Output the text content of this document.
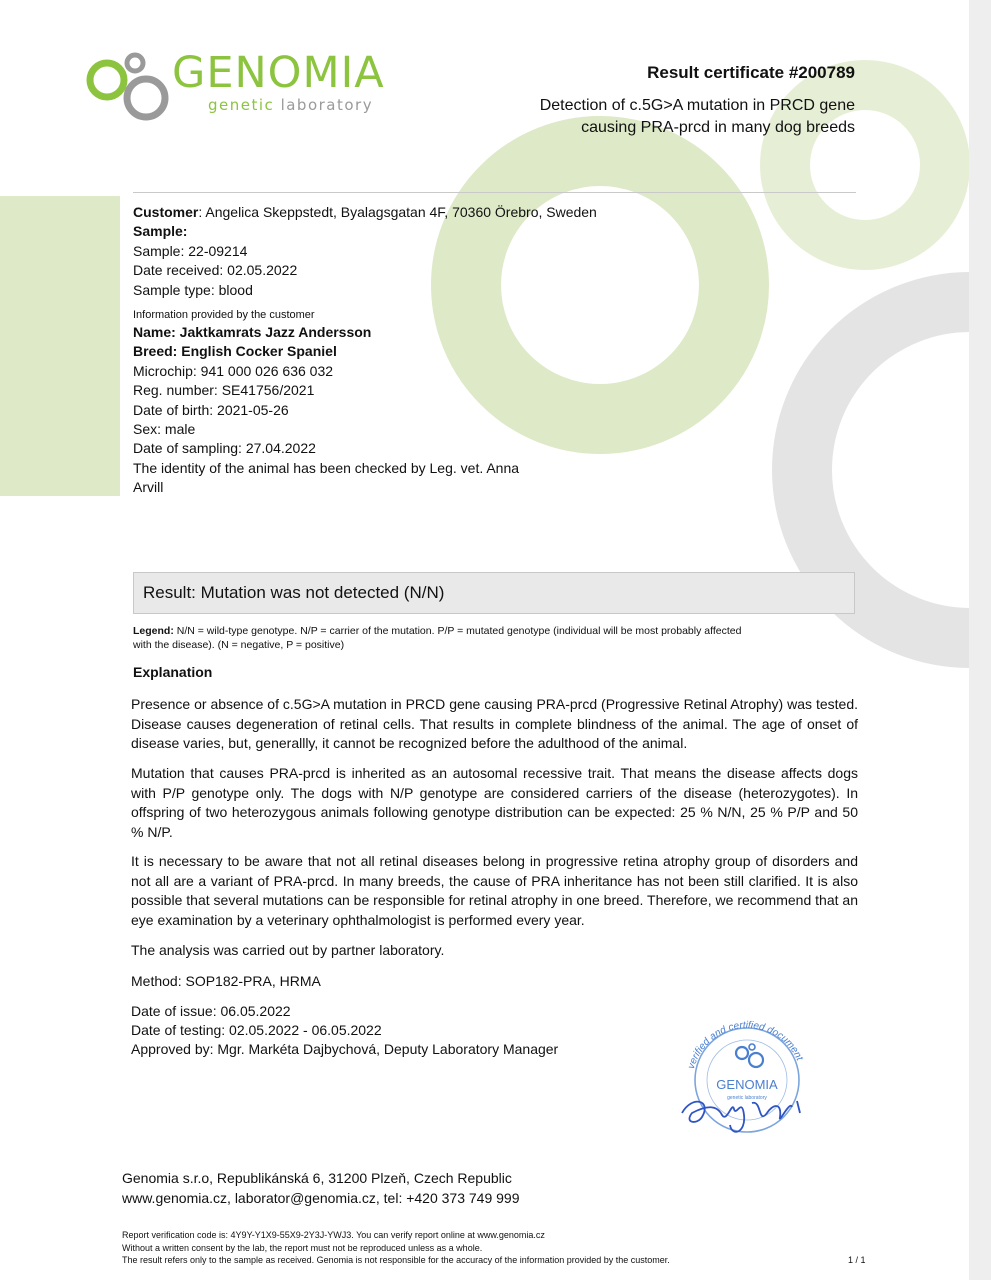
GENOMIA
genetic laboratory
Result certificate #200789
Detection of c.5G>A mutation in PRCD gene
causing PRA-prcd in many dog breeds
Customer: Angelica Skeppstedt, Byalagsgatan 4F, 70360 Örebro, Sweden
Sample:
Sample: 22-09214
Date received: 02.05.2022
Sample type: blood
Information provided by the customer
Name: Jaktkamrats Jazz Andersson
Breed: English Cocker Spaniel
Microchip: 941 000 026 636 032
Reg. number: SE41756/2021
Date of birth: 2021-05-26
Sex: male
Date of sampling: 27.04.2022
The identity of the animal has been checked by Leg. vet. Anna
Arvill
Result: Mutation was not detected (N/N)
Legend: N/N = wild-type genotype. N/P = carrier of the mutation. P/P = mutated genotype (individual will be most probably affected
with the disease). (N = negative, P = positive)
Explanation
Presence or absence of c.5G>A mutation in PRCD gene causing PRA-prcd (Progressive Retinal Atrophy) was tested. Disease causes degeneration of retinal cells. That results in complete blindness of the animal. The age of onset of disease varies, but, generallly, it cannot be recognized before the adulthood of the animal.
Mutation that causes PRA-prcd is inherited as an autosomal recessive trait. That means the disease affects dogs with P/P genotype only. The dogs with N/P genotype are considered carriers of the disease (heterozygotes). In offspring of two heterozygous animals following genotype distribution can be expected: 25 % N/N, 25 % P/P and 50 % N/P.
It is necessary to be aware that not all retinal diseases belong in progressive retina atrophy group of disorders and not all are a variant of PRA-prcd. In many breeds, the cause of PRA inheritance has not been still clarified. It is also possible that several mutations can be responsible for retinal atrophy in one breed. Therefore, we recommend that an eye examination by a veterinary ophthalmologist is performed every year.
The analysis was carried out by partner laboratory.
Method: SOP182-PRA, HRMA
Date of issue: 06.05.2022
Date of testing: 02.05.2022 - 06.05.2022
Approved by: Mgr. Markéta Dajbychová, Deputy Laboratory Manager
verified and certified document
GENOMIA
genetic laboratory
Genomia s.r.o, Republikánská 6, 31200 Plzeň, Czech Republic
www.genomia.cz, laborator@genomia.cz, tel: +420 373 749 999
Report verification code is: 4Y9Y-Y1X9-55X9-2Y3J-YWJ3. You can verify report online at www.genomia.cz
Without a written consent by the lab, the report must not be reproduced unless as a whole.
The result refers only to the sample as received. Genomia is not responsible for the accuracy of the information provided by the customer.	1 / 1
